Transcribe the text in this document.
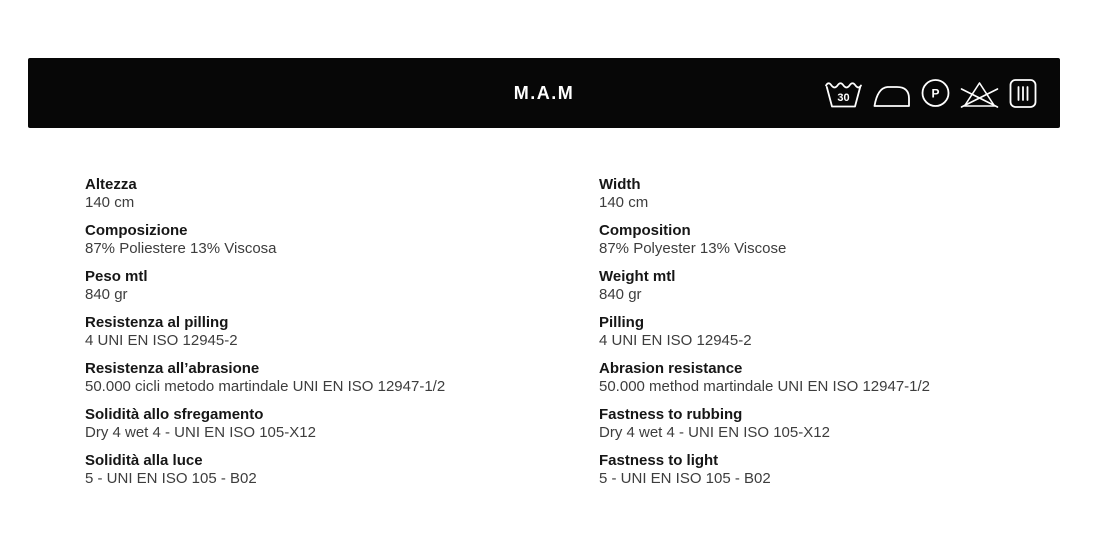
M.A.M	30	P
Altezza
140 cm
Composizione
87% Poliestere 13% Viscosa
Peso mtl
840 gr
Resistenza al pilling
4 UNI EN ISO 12945-2
Resistenza all’abrasione
50.000 cicli metodo martindale UNI EN ISO 12947-1/2
Solidità allo sfregamento
Dry 4 wet 4 - UNI EN ISO 105-X12
Solidità alla luce
5 - UNI EN ISO 105 - B02
Width
140 cm
Composition
87% Polyester 13% Viscose
Weight mtl
840 gr
Pilling
4 UNI EN ISO 12945-2
Abrasion resistance
50.000 method martindale UNI EN ISO 12947-1/2
Fastness to rubbing
Dry 4 wet 4 - UNI EN ISO 105-X12
Fastness to light
5 - UNI EN ISO 105 - B02
